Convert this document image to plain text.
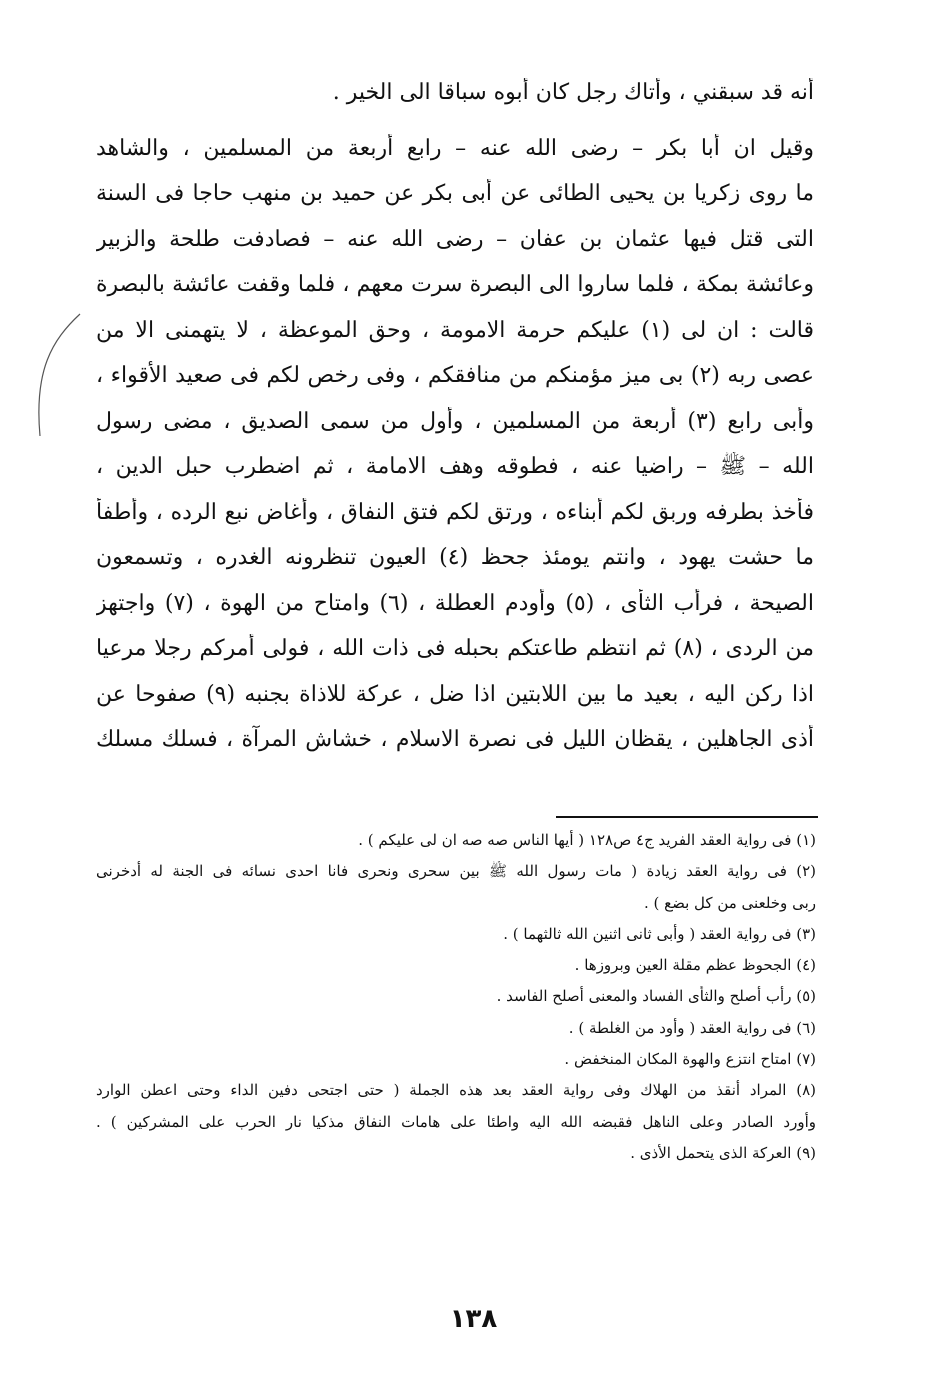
أنه قد سبقني ، وأتاك رجل كان أبوه سباقا الى الخير .
وقيل ان أبا بكر – رضى الله عنه – رابع أربعة من المسلمين ، والشاهد
ما روى زكريا بن يحيى الطائى عن أبى بكر عن حميد بن منهب حاجا فى السنة
التى قتل فيها عثمان بن عفان – رضى الله عنه – فصادفت طلحة والزبير
وعائشة بمكة ، فلما ساروا الى البصرة سرت معهم ، فلما وقفت عائشة بالبصرة
قالت : ان لى (١) عليكم حرمة الامومة ، وحق الموعظة ، لا يتهمنى الا من
عصى ربه (٢) بى ميز مؤمنكم من منافقكم ، وفى رخص لكم فى صعيد الأقواء ،
وأبى رابع (٣) أربعة من المسلمين ، وأول من سمى الصديق ، مضى رسول
الله – ﷺ – راضيا عنه ، فطوقه وهف الامامة ، ثم اضطرب حبل الدين ،
فأخذ بطرفه وربق لكم أبناءه ، ورتق لكم فتق النفاق ، وأغاض نبع الرده ، وأطفأ
ما حشت يهود ، وانتم يومئذ جحظ (٤) العيون تنظرونه الغدره ، وتسمعون
الصيحة ، فرأب الثأى ، (٥) وأودم العطلة ، (٦) وامتاح من الهوة ، (٧) واجتهز
من الردى ، (٨) ثم انتظم طاعتكم بحبله فى ذات الله ، فولى أمركم رجلا مرعيا
اذا ركن اليه ، بعيد ما بين اللابتين اذا ضل ، عركة للاذاة بجنبه (٩) صفوحا عن
أذى الجاهلين ، يقظان الليل فى نصرة الاسلام ، خشاش المرآة ، فسلك مسلك
(١) فى رواية العقد الفريد ج٤ ص١٢٨ ( أيها الناس صه صه ان لى عليكم ) .
(٢) فى رواية العقد زيادة ( مات رسول الله ﷺ بين سحرى ونحرى فانا احدى نسائه فى الجنة له أدخرنى
ربى وخلعنى من كل بضع ) .
(٣) فى رواية العقد ( وأبى ثانى اثنين الله ثالثهما ) .
(٤) الجحوظ عظم مقلة العين وبروزها .
(٥) رأب أصلح والثأى الفساد والمعنى أصلح الفاسد .
(٦) فى رواية العقد ( وأود من الغلطة ) .
(٧) امتاح انتزع والهوة المكان المنخفض .
(٨) المراد أنقذ من الهلاك وفى رواية العقد بعد هذه الجملة ( حتى اجتحى دفين الداء وحتى اعطن الوارد
وأورد الصادر وعلى الناهل فقبضه الله اليه واطئا على هامات النفاق مذكيا نار الحرب على المشركين ) .
(٩) العركة الذى يتحمل الأذى .
١٣٨
